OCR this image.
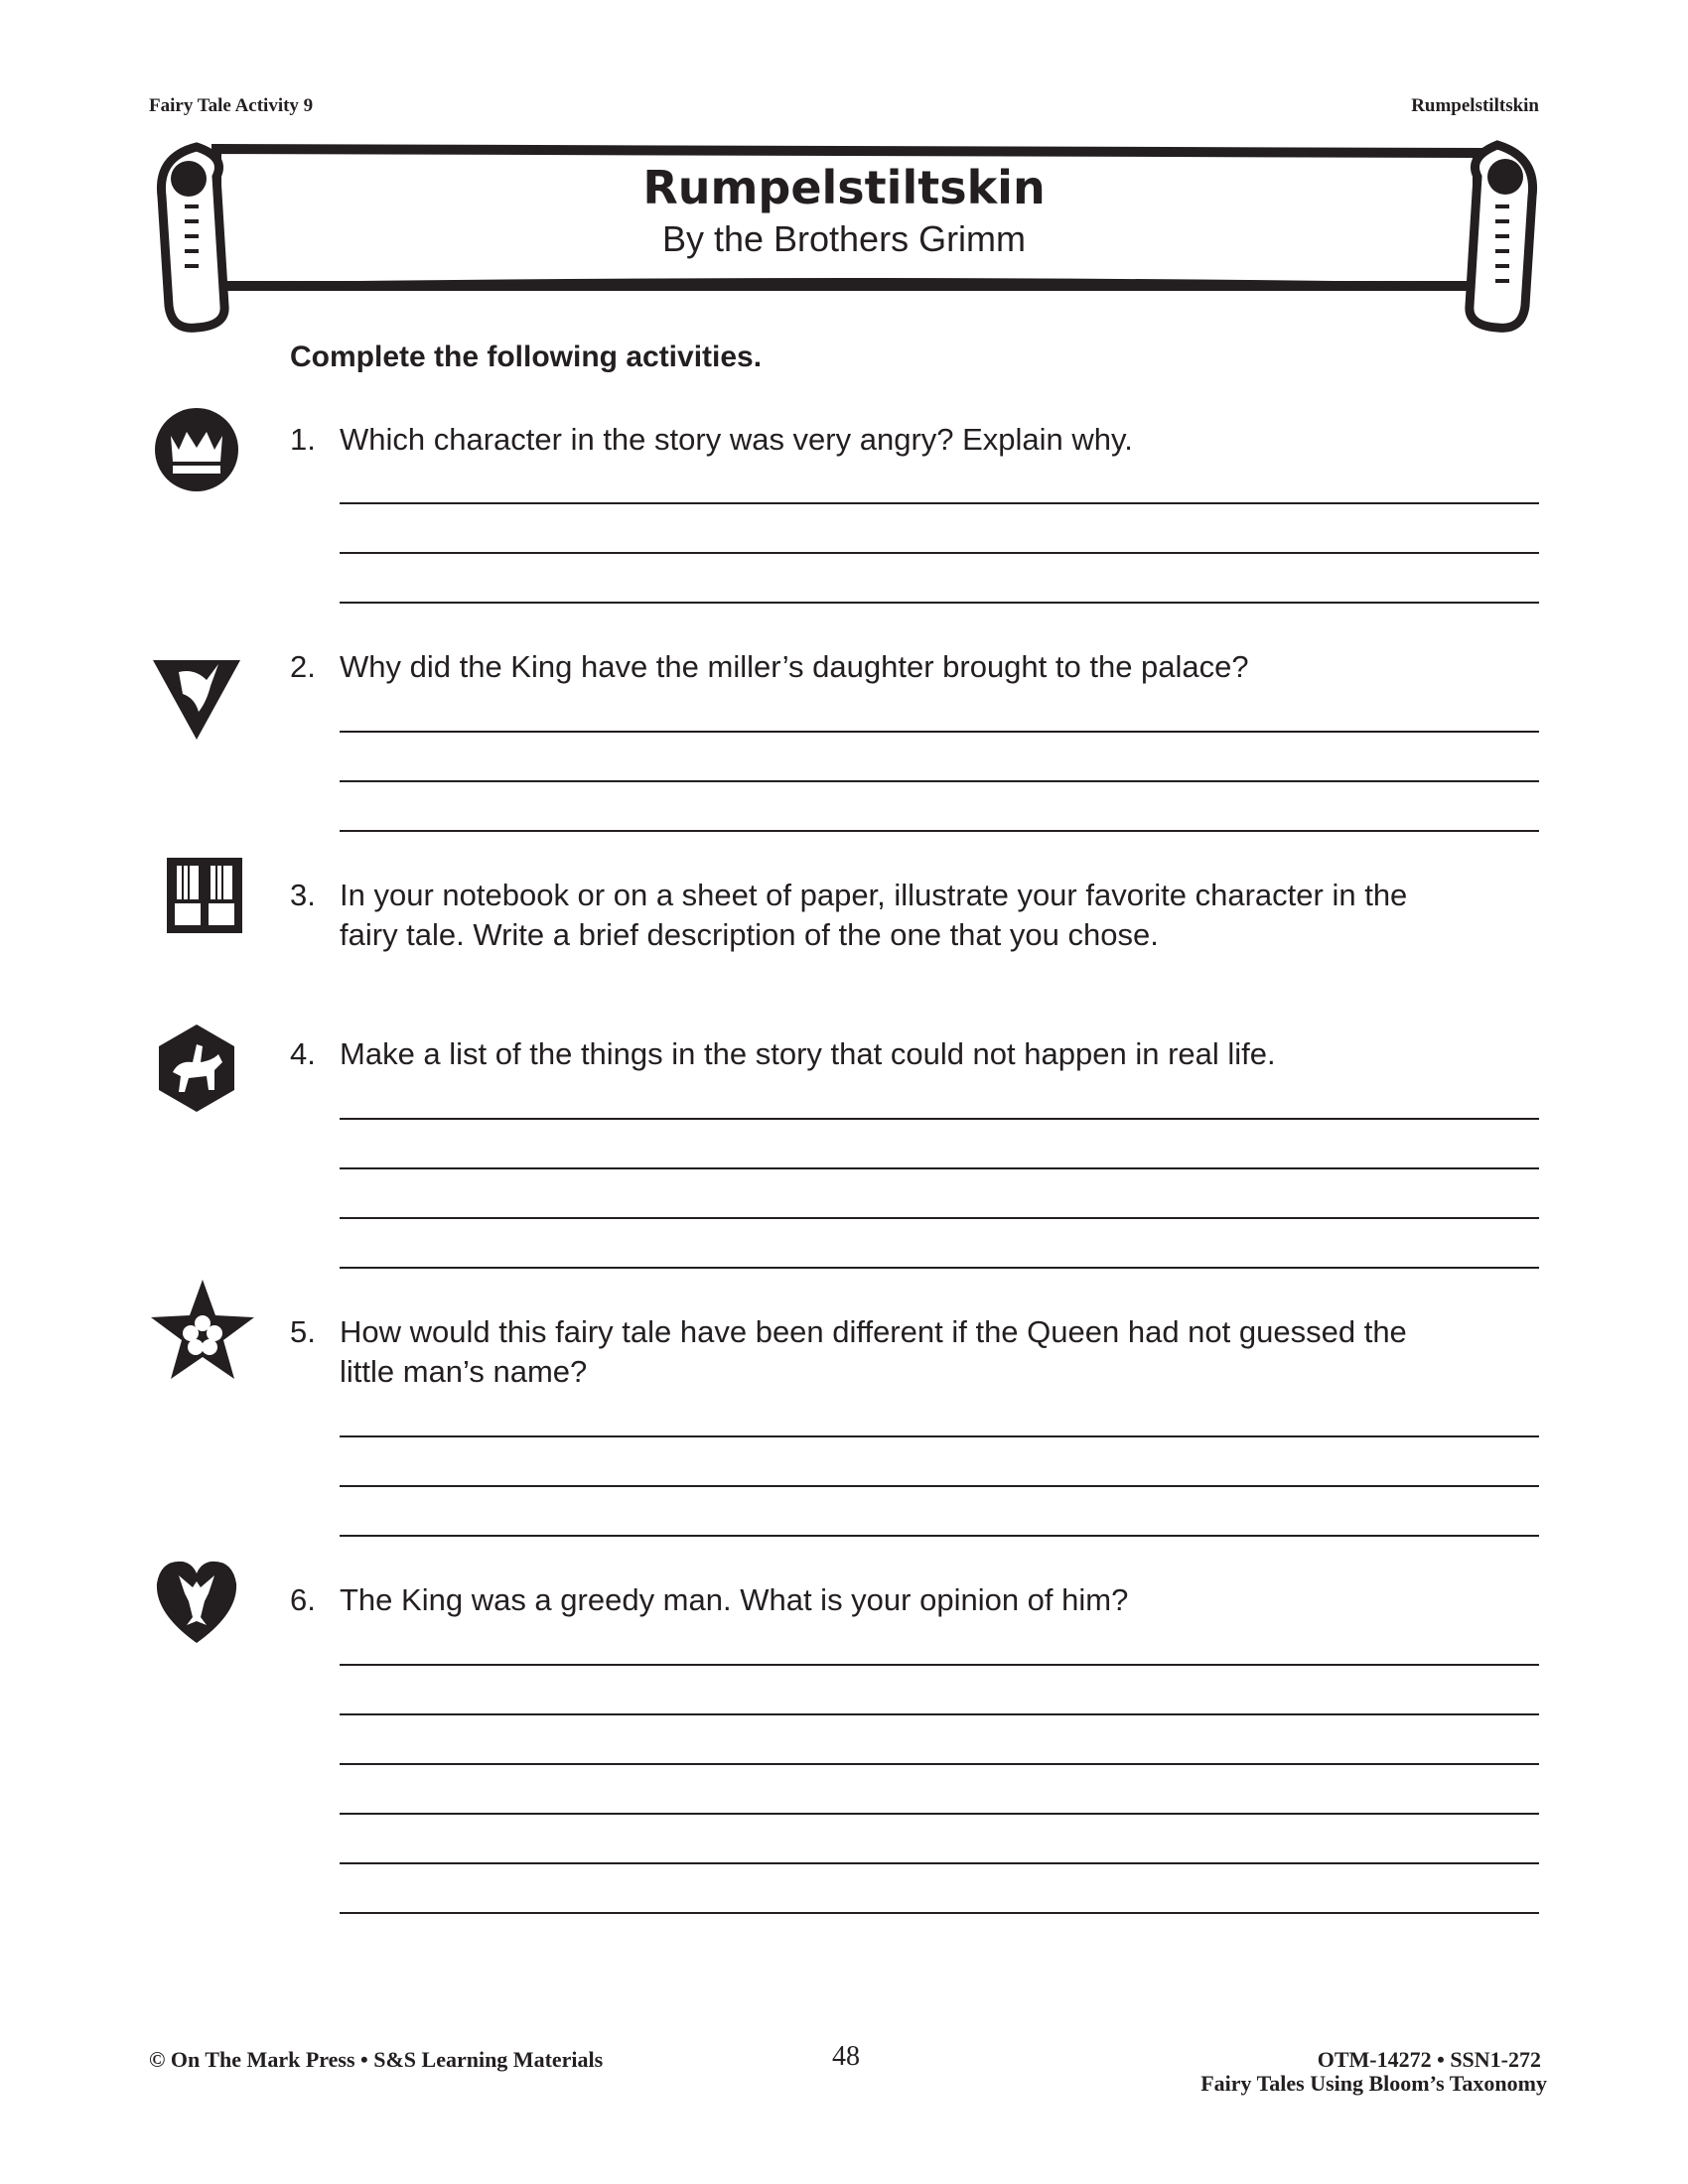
Fairy Tale Activity 9	Rumpelstiltskin
Rumpelstiltskin
By the Brothers Grimm
Complete the following activities.
1. Which character in the story was very angry? Explain why.
2. Why did the King have the miller’s daughter brought to the palace?
3. In your notebook or on a sheet of paper, illustrate your favorite character in the
fairy tale. Write a brief description of the one that you chose.
4. Make a list of the things in the story that could not happen in real life.
5. How would this fairy tale have been different if the Queen had not guessed the
little man’s name?
6. The King was a greedy man. What is your opinion of him?
© On The Mark Press • S&S Learning Materials	48	OTM-14272 • SSN1-272
Fairy Tales Using Bloom’s Taxonomy
